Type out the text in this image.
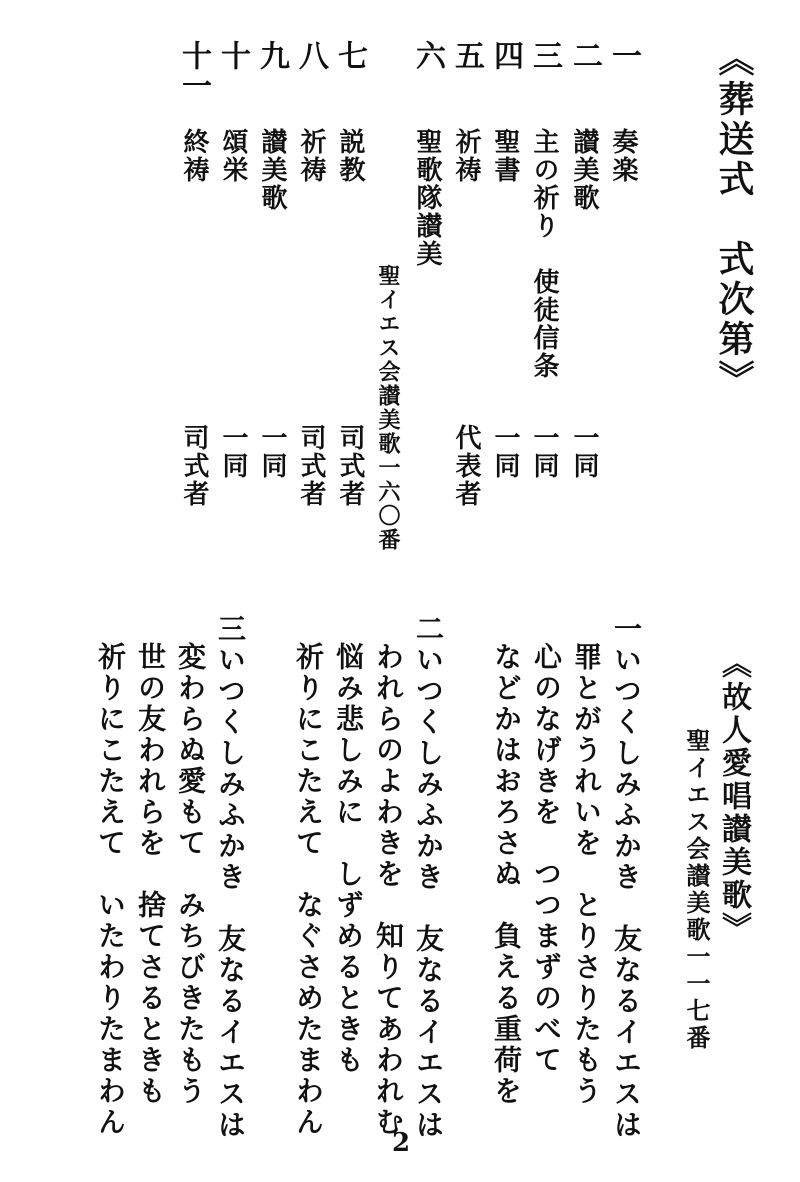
《葬送式　式次第》
一
奏楽
二
讃美歌
一同
三
主の祈り　使徒信条
一同
四
聖書
一同
五
祈祷
代表者
六
聖歌隊讃美
聖イエス会讃美歌一六〇番
七
説教
司式者
八
祈祷
司式者
九
讃美歌
一同
十
頌栄
一同
十一
終祷
司式者
《故人愛唱讃美歌》
聖イエス会讃美歌一一七番
一いつくしみふかき　友なるイエスは
罪とがうれいを　とりさりたもう
心のなげきを　つつまずのべて
などかはおろさぬ　負える重荷を
二いつくしみふかき　友なるイエスは
われらのよわきを　知りてあわれむ
悩み悲しみに　しずめるときも
祈りにこたえて　なぐさめたまわん
三いつくしみふかき　友なるイエスは
変わらぬ愛もて　みちびきたもう
世の友われらを　捨てさるときも
祈りにこたえて　いたわりたまわん
2
